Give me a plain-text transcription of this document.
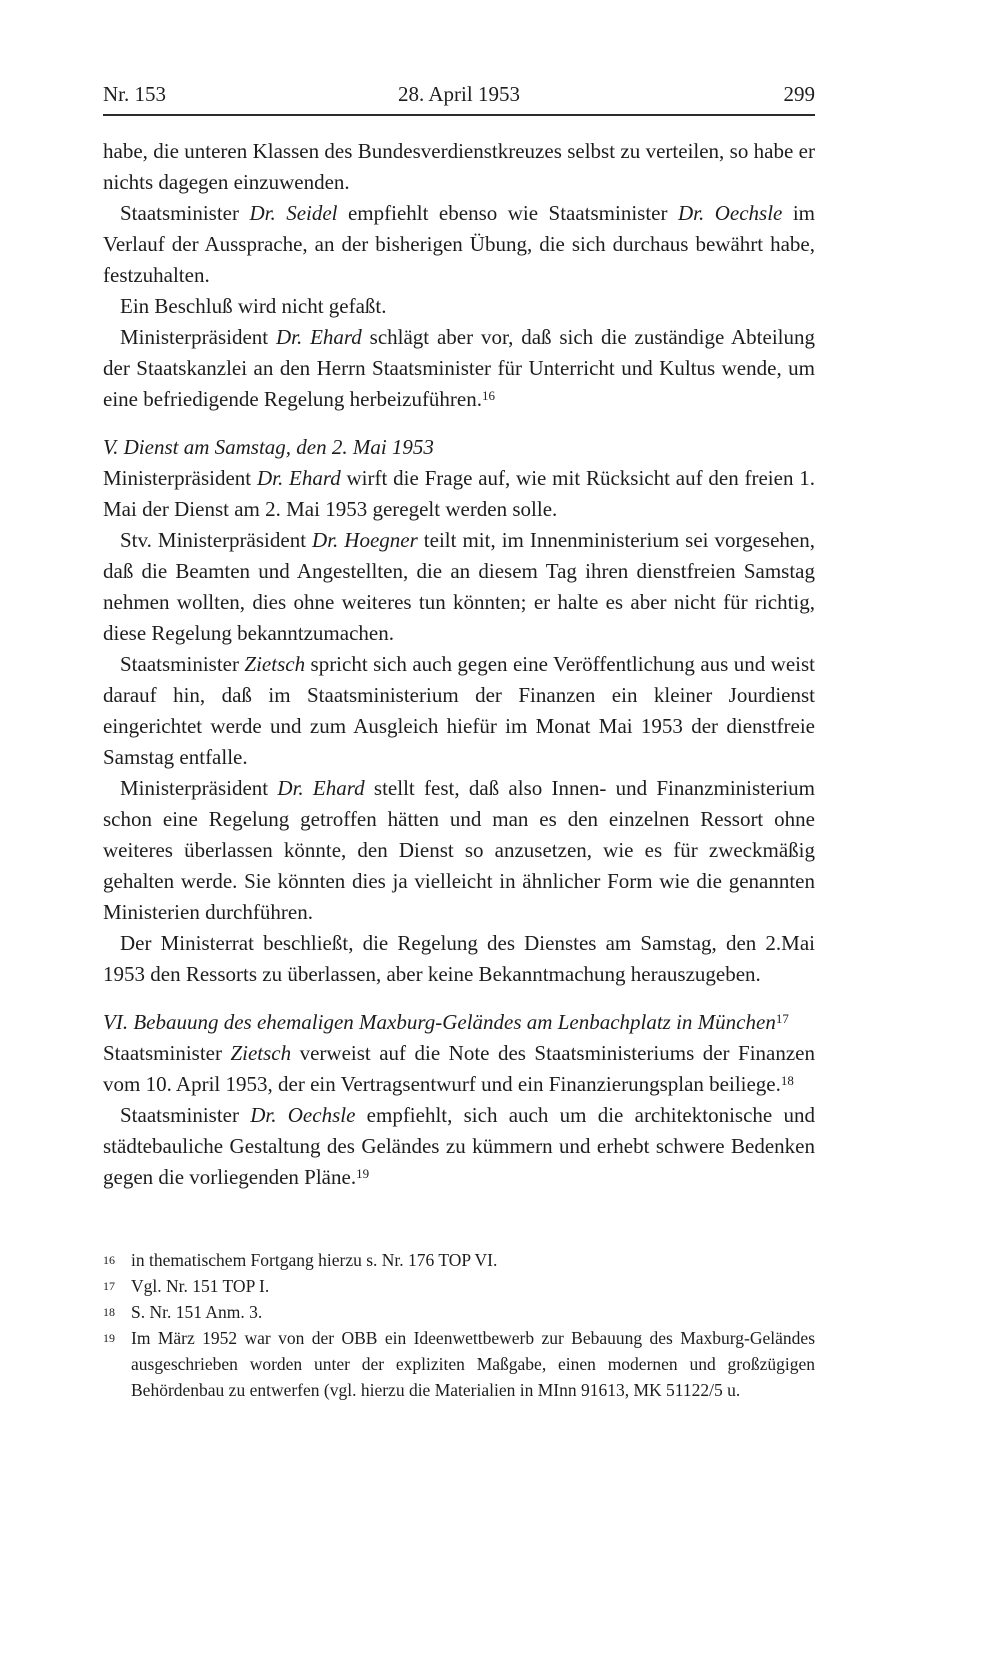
Nr. 153	28. April 1953	299

habe, die unteren Klassen des Bundesverdienstkreuzes selbst zu verteilen, so habe er nichts dagegen einzuwenden.

Staatsminister Dr. Seidel empfiehlt ebenso wie Staatsminister Dr. Oechsle im Verlauf der Aussprache, an der bisherigen Übung, die sich durchaus bewährt habe, festzuhalten.

Ein Beschluß wird nicht gefaßt.

Ministerpräsident Dr. Ehard schlägt aber vor, daß sich die zuständige Abteilung der Staatskanzlei an den Herrn Staatsminister für Unterricht und Kultus wende, um eine befriedigende Regelung herbeizuführen.$^{16}$

V. Dienst am Samstag, den 2. Mai 1953

Ministerpräsident Dr. Ehard wirft die Frage auf, wie mit Rücksicht auf den freien 1. Mai der Dienst am 2. Mai 1953 geregelt werden solle.

Stv. Ministerpräsident Dr. Hoegner teilt mit, im Innenministerium sei vorgesehen, daß die Beamten und Angestellten, die an diesem Tag ihren dienstfreien Samstag nehmen wollten, dies ohne weiteres tun könnten; er halte es aber nicht für richtig, diese Regelung bekanntzumachen.

Staatsminister Zietsch spricht sich auch gegen eine Veröffentlichung aus und weist darauf hin, daß im Staatsministerium der Finanzen ein kleiner Jourdienst eingerichtet werde und zum Ausgleich hiefür im Monat Mai 1953 der dienstfreie Samstag entfalle.

Ministerpräsident Dr. Ehard stellt fest, daß also Innen- und Finanzministerium schon eine Regelung getroffen hätten und man es den einzelnen Ressort ohne weiteres überlassen könnte, den Dienst so anzusetzen, wie es für zweckmäßig gehalten werde. Sie könnten dies ja vielleicht in ähnlicher Form wie die genannten Ministerien durchführen.

Der Ministerrat beschließt, die Regelung des Dienstes am Samstag, den 2.Mai 1953 den Ressorts zu überlassen, aber keine Bekanntmachung herauszugeben.

VI. Bebauung des ehemaligen Maxburg-Geländes am Lenbachplatz in München$^{17}$

Staatsminister Zietsch verweist auf die Note des Staatsministeriums der Finanzen vom 10. April 1953, der ein Vertragsentwurf und ein Finanzierungsplan beiliege.$^{18}$

Staatsminister Dr. Oechsle empfiehlt, sich auch um die architektonische und städtebauliche Gestaltung des Geländes zu kümmern und erhebt schwere Bedenken gegen die vorliegenden Pläne.$^{19}$

16 in thematischem Fortgang hierzu s. Nr. 176 TOP VI.
17 Vgl. Nr. 151 TOP I.
18 S. Nr. 151 Anm. 3.
19 Im März 1952 war von der OBB ein Ideenwettbewerb zur Bebauung des Maxburg-Geländes ausgeschrieben worden unter der expliziten Maßgabe, einen modernen und großzügigen Behördenbau zu entwerfen (vgl. hierzu die Materialien in MInn 91613, MK 51122/5 u.
